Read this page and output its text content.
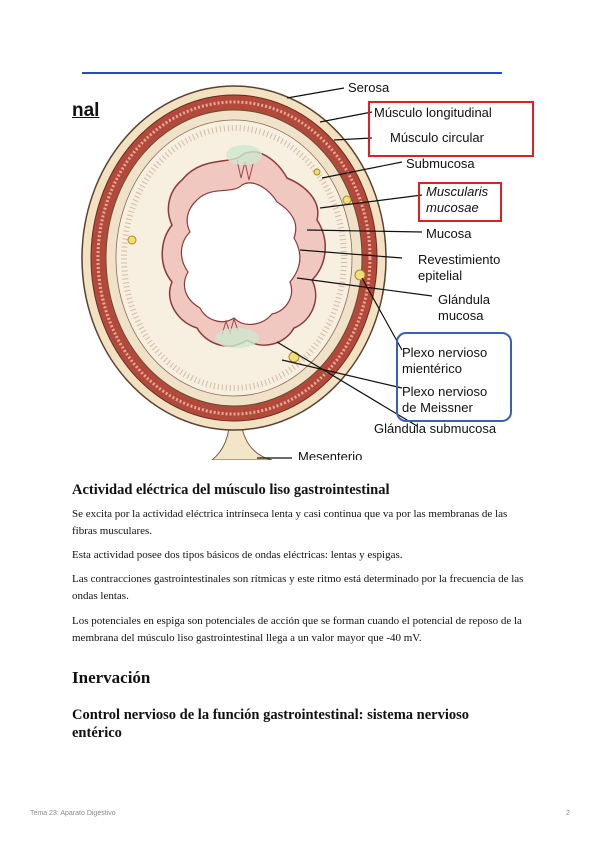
Serosa
Músculo longitudinal
Músculo circular
Submucosa
Muscularis
mucosae
Mucosa
Revestimiento
epitelial
Glándula
mucosa
Plexo nervioso
mientérico
Plexo nervioso
de Meissner
Glándula submucosa
Mesenterio
nal
Actividad eléctrica del músculo liso gastrointestinal

Se excita por la actividad eléctrica intrínseca lenta y casi continua que va por las membranas de las fibras musculares.

Esta actividad posee dos tipos básicos de ondas eléctricas: lentas y espigas.

Las contracciones gastrointestinales son rítmicas y este ritmo está determinado por la frecuencia de las ondas lentas.

Los potenciales en espiga son potenciales de acción que se forman cuando el potencial de reposo de la membrana del músculo liso gastrointestinal llega a un valor mayor que -40 mV.

Inervación
Control nervioso de la función gastrointestinal: sistema nervioso entérico
Tema 23: Aparato Digestivo	2
